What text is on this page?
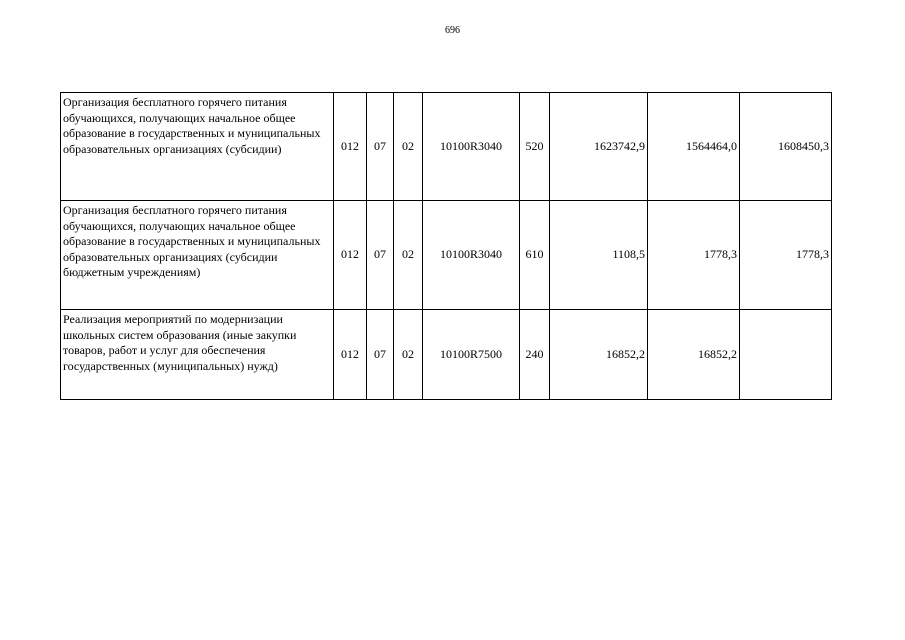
696
Организация бесплатного горячего питания обучающихся, получающих начальное общее образование в государственных и муниципальных образовательных организациях (субсидии)	012	07	02	10100R3040	520	1623742,9	1564464,0	1608450,3
Организация бесплатного горячего питания обучающихся, получающих начальное общее образование в государственных и муниципальных образовательных организациях (субсидии бюджетным учреждениям)	012	07	02	10100R3040	610	1108,5	1778,3	1778,3
Реализация мероприятий по модернизации школьных систем образования (иные закупки товаров, работ и услуг для обеспечения государственных (муниципальных) нужд)	012	07	02	10100R7500	240	16852,2	16852,2	
